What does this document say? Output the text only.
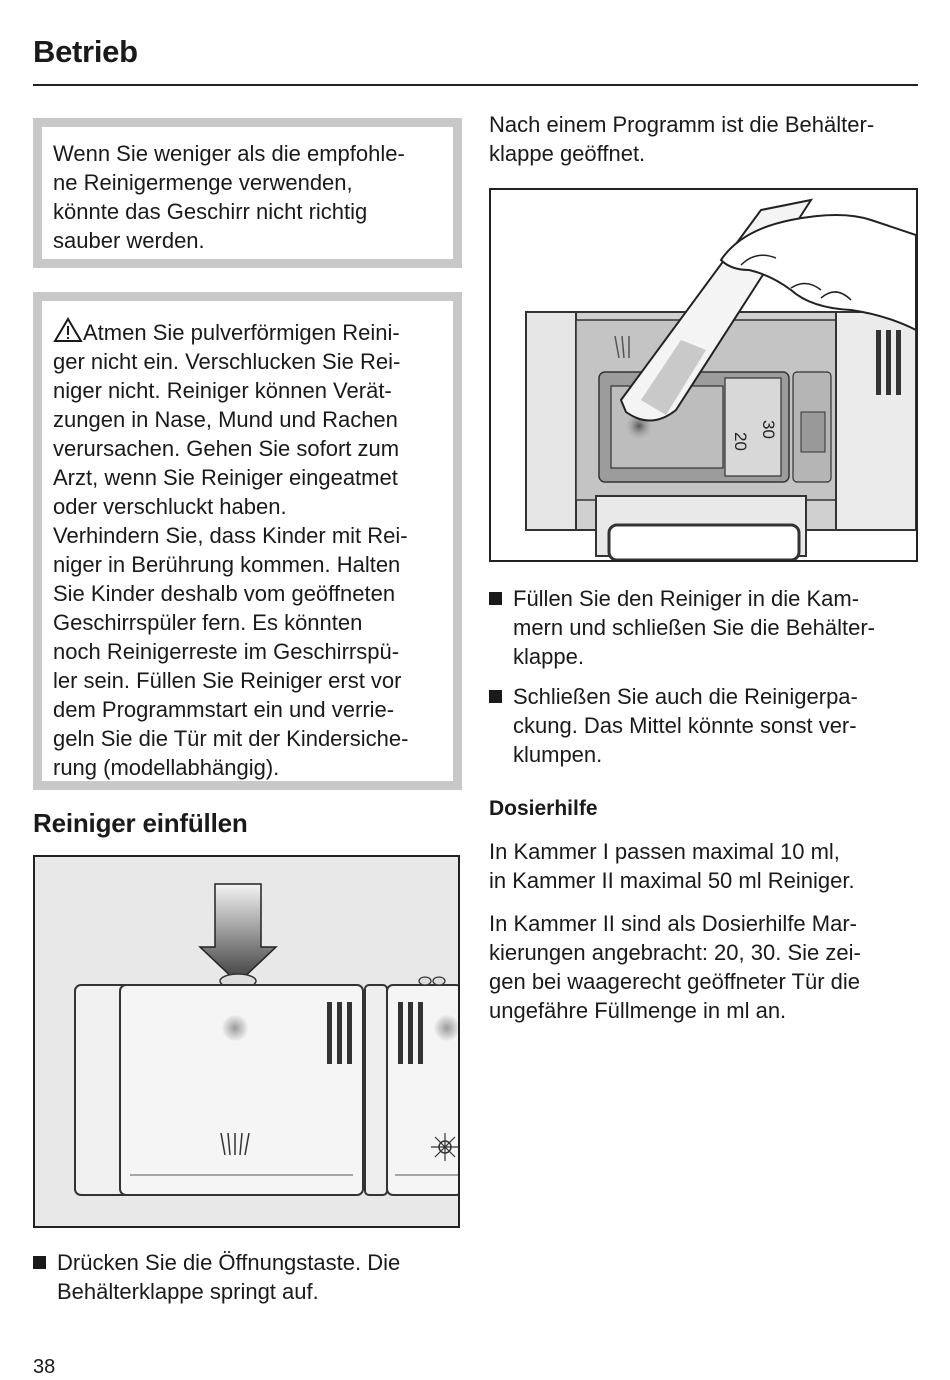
Betrieb

Wenn Sie weniger als die empfohle-

ne Reinigermenge verwenden,

könnte das Geschirr nicht richtig

sauber werden.

Atmen Sie pulverförmigen Reini-

ger nicht ein. Verschlucken Sie Rei-

niger nicht. Reiniger können Verät-

zungen in Nase, Mund und Rachen

verursachen. Gehen Sie sofort zum

Arzt, wenn Sie Reiniger eingeatmet

oder verschluckt haben.

Verhindern Sie, dass Kinder mit Rei-

niger in Berührung kommen. Halten

Sie Kinder deshalb vom geöffneten

Geschirrspüler fern. Es könnten

noch Reinigerreste im Geschirrspü-

ler sein. Füllen Sie Reiniger erst vor

dem Programmstart ein und verrie-

geln Sie die Tür mit der Kindersiche-

rung (modellabhängig).

Reiniger einfüllen
Drücken Sie die Öffnungstaste. Die
Behälterklappe springt auf.

Nach einem Programm ist die Behälter-

klappe geöffnet.

20
30
Füllen Sie den Reiniger in die Kam-
mern und schließen Sie die Behälter-
klappe.
Schließen Sie auch die Reinigerpa-
ckung. Das Mittel könnte sonst ver-
klumpen.

Dosierhilfe

In Kammer I passen maximal 10 ml,

in Kammer II maximal 50 ml Reiniger.

In Kammer II sind als Dosierhilfe Mar-

kierungen angebracht: 20, 30. Sie zei-

gen bei waagerecht geöffneter Tür die

ungefähre Füllmenge in ml an.

38
